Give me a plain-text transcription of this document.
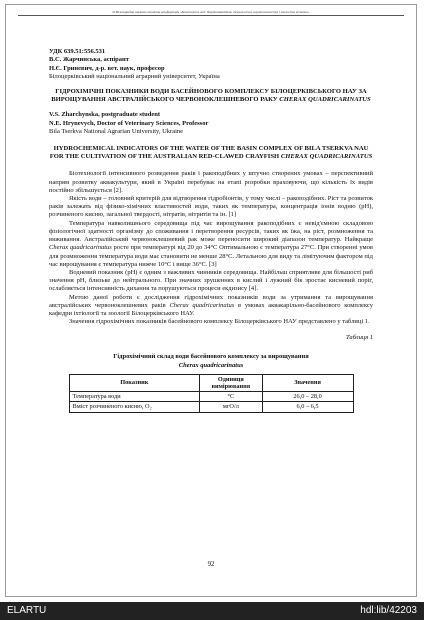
II Міжнародна науково-технічна конференція «Безпечність вод: біорізноманіття, технологічні, агротехнологічні і екологічні аспекти»
УДК 639.51:556.531
В.С. Жарчинська, аспірант
Н.Є. Гриневич, д-р. вет. наук, професор
Білоцерківський національний аграрний університет, Україна
ГІДРОХІМІЧНІ ПОКАЗНИКИ ВОДИ БАСЕЙНОВОГО КОМПЛЕКСУ БІЛОЦЕРКІВСЬКОГО НАУ ЗА ВИРОЩУВАННЯ АВСТРАЛІЙСЬКОГО ЧЕРВОНОКЛЕШНЕВОГО РАКУ CHERAX QUADRICARINATUS
V.S. Zharchynska, postgraduate student
N.E. Hrynevych, Doctor of Veterinary Sciences, Professor
Bila Tserkva National Agrarian University, Ukraine
HYDROCHEMICAL INDICATORS OF THE WATER OF THE BASIN COMPLEX OF BILA TSERKVA NAU FOR THE CULTIVATION OF THE AUSTRALIAN RED-CLAWED CRAYFISH CHERAX QUADRICARINATUS

Біотехнології інтенсивного розведення раків і ракоподібних у штучно створених умовах – перспективний напрям розвитку аквакультури, який в Україні перебуває на етапі розробки враховуючи, що кількість їх видів постійно збільшується [2].

Якість води – головний критерій для відтворення гідробіонтів, у тому числі – ракоподібних. Ріст та розвиток раків залежать від фізико-хімічних властивостей води, таких як температура, концентрація іонів водню (pH), розчиненого кисню, загальної твердості, нітратів, нітритів та ін. [1]

Температура навколишнього середовища під час вирощування ракоподібних є невід'ємною складовою фізіологічної здатності організму до споживання і перетворення ресурсів, таких як їжа, на ріст, розмноження та виживання. Австралійський червоноклешневий рак може переносити широкий діапазон температур. Найкраще Cherax quadricarinatus росте при температурі від 20 до 34°С Оптимальною є температура 27°С. При створенні умов для розмноження температура води має становити не менше 28°С. Летальною для виду та лімітуючим фактором під час вирощування є температура нижче 10°С і вище 36°С. [3]

Водневий показник (pH) є одним з важливих чинників середовища. Найбільш сприятливе для більшості риб значення pH, близьке до нейтрального. При значних зрушеннях в кислий і лужний бік зростає кисневий поріг, ослабляється інтенсивність дихання та порушуються процеси екдизису [4].

Метою даної роботи є дослідження гідрохімічних показників води за утримання та вирощування австралійських червоноклешневих раків Cherax quadricarinatus в умовах аквакарільно-басейнового комплексу кафедри іхтіології та зоології Білоцерківського НАУ.

Значення гідрохімічних показників басейнового комплексу Білоцерківського НАУ представлено у таблиці 1.

Таблиця 1
Гідрохімічний склад води басейнового комплексу за вирощування
Cherax quadricarinatus
Показник	Одиниця вимірювання	Значення
Температура води	°С	26,0 – 28,0
Вміст розчиненого кисню, O₂	мгO/л	6,0 – 6,5
92
ELARTU	hdl:lib/42203
